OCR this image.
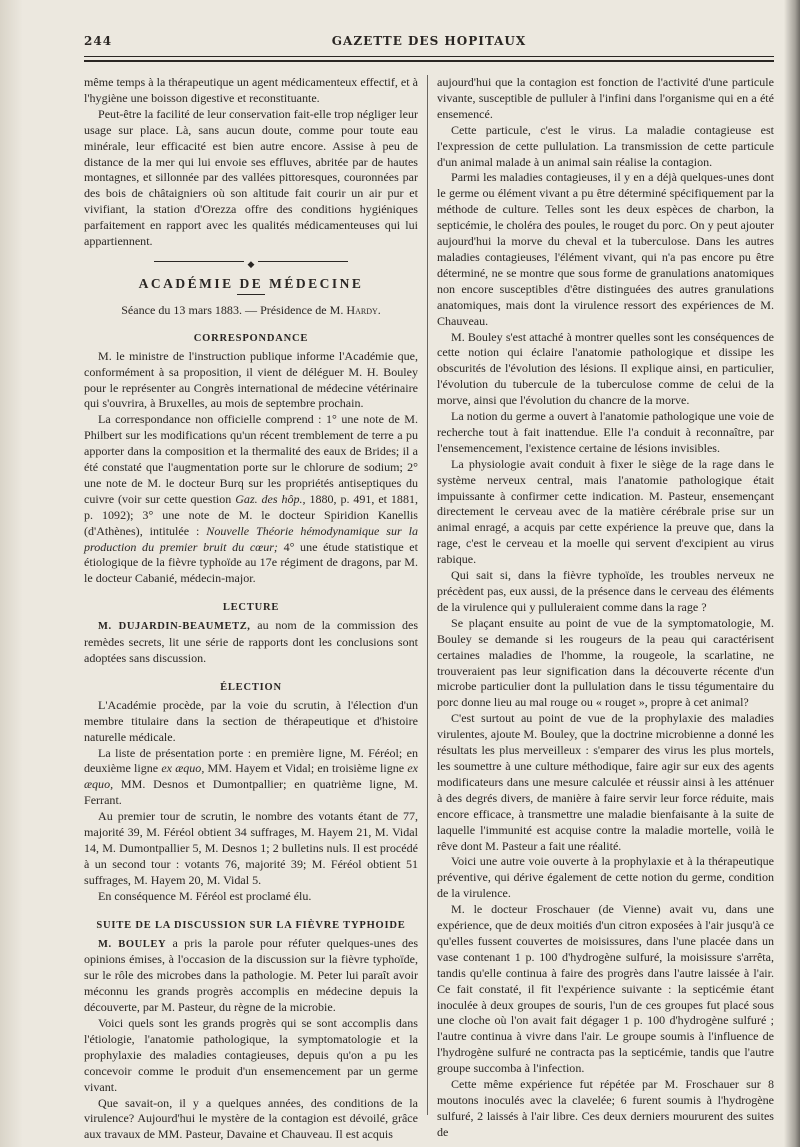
244	GAZETTE DES HOPITAUX

même temps à la thérapeutique un agent médicamenteux effectif, et à l'hygiène une boisson digestive et reconstituante.

Peut-être la facilité de leur conservation fait-elle trop négliger leur usage sur place. Là, sans aucun doute, comme pour toute eau minérale, leur efficacité est bien autre encore. Assise à peu de distance de la mer qui lui envoie ses effluves, abritée par de hautes montagnes, et sillonnée par des vallées pittoresques, couronnées par des bois de châtaigniers où son altitude fait courir un air pur et vivifiant, la station d'Orezza offre des conditions hygiéniques parfaitement en rapport avec les qualités médicamenteuses qui lui appartiennent.

◆
ACADÉMIE DE MÉDECINE
Séance du 13 mars 1883. — Présidence de M. Hardy.
CORRESPONDANCE

M. le ministre de l'instruction publique informe l'Académie que, conformément à sa proposition, il vient de déléguer M. H. Bouley pour le représenter au Congrès international de médecine vétérinaire qui s'ouvrira, à Bruxelles, au mois de septembre prochain.

La correspondance non officielle comprend : 1° une note de M. Philbert sur les modifications qu'un récent tremblement de terre a pu apporter dans la composition et la thermalité des eaux de Brides; il a été constaté que l'augmentation porte sur le chlorure de sodium; 2° une note de M. le docteur Burq sur les propriétés antiseptiques du cuivre (voir sur cette question Gaz. des hôp., 1880, p. 491, et 1881, p. 1092); 3° une note de M. le docteur Spiridion Kanellis (d'Athènes), intitulée : Nouvelle Théorie hémodynamique sur la production du premier bruit du cœur; 4° une étude statistique et étiologique de la fièvre typhoïde au 17e régiment de dragons, par M. le docteur Cabanié, médecin-major.

LECTURE

M. DUJARDIN-BEAUMETZ, au nom de la commission des remèdes secrets, lit une série de rapports dont les conclusions sont adoptées sans discussion.

ÉLECTION

L'Académie procède, par la voie du scrutin, à l'élection d'un membre titulaire dans la section de thérapeutique et d'histoire naturelle médicale.

La liste de présentation porte : en première ligne, M. Féréol; en deuxième ligne ex æquo, MM. Hayem et Vidal; en troisième ligne ex æquo, MM. Desnos et Dumontpallier; en quatrième ligne, M. Ferrant.

Au premier tour de scrutin, le nombre des votants étant de 77, majorité 39, M. Féréol obtient 34 suffrages, M. Hayem 21, M. Vidal 14, M. Dumontpallier 5, M. Desnos 1; 2 bulletins nuls. Il est procédé à un second tour : votants 76, majorité 39; M. Féréol obtient 51 suffrages, M. Hayem 20, M. Vidal 5.

En conséquence M. Féréol est proclamé élu.

SUITE DE LA DISCUSSION SUR LA FIÈVRE TYPHOIDE

M. BOULEY a pris la parole pour réfuter quelques-unes des opinions émises, à l'occasion de la discussion sur la fièvre typhoïde, sur le rôle des microbes dans la pathologie. M. Peter lui paraît avoir méconnu les grands progrès accomplis en médecine depuis la découverte, par M. Pasteur, du règne de la microbie.

Voici quels sont les grands progrès qui se sont accomplis dans l'étiologie, l'anatomie pathologique, la symptomatologie et la prophylaxie des maladies contagieuses, depuis qu'on a pu les concevoir comme le produit d'un ensemencement par un germe vivant.

Que savait-on, il y a quelques années, des conditions de la virulence? Aujourd'hui le mystère de la contagion est dévoilé, grâce aux travaux de MM. Pasteur, Davaine et Chauveau. Il est acquis

aujourd'hui que la contagion est fonction de l'activité d'une particule vivante, susceptible de pulluler à l'infini dans l'organisme qui en a été ensemencé.

Cette particule, c'est le virus. La maladie contagieuse est l'expression de cette pullulation. La transmission de cette particule d'un animal malade à un animal sain réalise la contagion.

Parmi les maladies contagieuses, il y en a déjà quelques-unes dont le germe ou élément vivant a pu être déterminé spécifiquement par la méthode de culture. Telles sont les deux espèces de charbon, la septicémie, le choléra des poules, le rouget du porc. On y peut ajouter aujourd'hui la morve du cheval et la tuberculose. Dans les autres maladies contagieuses, l'élément vivant, qui n'a pas encore pu être déterminé, ne se montre que sous forme de granulations anatomiques non encore susceptibles d'être distinguées des autres granulations anatomiques, mais dont la virulence ressort des expériences de M. Chauveau.

M. Bouley s'est attaché à montrer quelles sont les conséquences de cette notion qui éclaire l'anatomie pathologique et dissipe les obscurités de l'évolution des lésions. Il explique ainsi, en particulier, l'évolution du tubercule de la tuberculose comme de celui de la morve, ainsi que l'évolution du chancre de la morve.

La notion du germe a ouvert à l'anatomie pathologique une voie de recherche tout à fait inattendue. Elle l'a conduit à reconnaître, par l'ensemencement, l'existence certaine de lésions invisibles.

La physiologie avait conduit à fixer le siège de la rage dans le système nerveux central, mais l'anatomie pathologique était impuissante à confirmer cette indication. M. Pasteur, ensemençant directement le cerveau avec de la matière cérébrale prise sur un animal enragé, a acquis par cette expérience la preuve que, dans la rage, c'est le cerveau et la moelle qui servent d'excipient au virus rabique.

Qui sait si, dans la fièvre typhoïde, les troubles nerveux ne précèdent pas, eux aussi, de la présence dans le cerveau des éléments de la virulence qui y pulluleraient comme dans la rage ?

Se plaçant ensuite au point de vue de la symptomatologie, M. Bouley se demande si les rougeurs de la peau qui caractérisent certaines maladies de l'homme, la rougeole, la scarlatine, ne trouveraient pas leur signification dans la découverte récente d'un microbe particulier dont la pullulation dans le tissu tégumentaire du porc donne lieu au mal rouge ou « rouget », propre à cet animal?

C'est surtout au point de vue de la prophylaxie des maladies virulentes, ajoute M. Bouley, que la doctrine microbienne a donné les résultats les plus merveilleux : s'emparer des virus les plus mortels, les soumettre à une culture méthodique, faire agir sur eux des agents modificateurs dans une mesure calculée et réussir ainsi à les atténuer à des degrés divers, de manière à faire servir leur force réduite, mais encore efficace, à transmettre une maladie bienfaisante à la suite de laquelle l'immunité est acquise contre la maladie mortelle, voilà le rêve dont M. Pasteur a fait une réalité.

Voici une autre voie ouverte à la prophylaxie et à la thérapeutique préventive, qui dérive également de cette notion du germe, condition de la virulence.

M. le docteur Froschauer (de Vienne) avait vu, dans une expérience, que de deux moitiés d'un citron exposées à l'air jusqu'à ce qu'elles fussent couvertes de moisissures, dans l'une placée dans un vase contenant 1 p. 100 d'hydrogène sulfuré, la moisissure s'arrêta, tandis qu'elle continua à faire des progrès dans l'autre laissée à l'air. Ce fait constaté, il fit l'expérience suivante : la septicémie étant inoculée à deux groupes de souris, l'un de ces groupes fut placé sous une cloche où l'on avait fait dégager 1 p. 100 d'hydrogène sulfuré ; l'autre continua à vivre dans l'air. Le groupe soumis à l'influence de l'hydrogène sulfuré ne contracta pas la septicémie, tandis que l'autre groupe succomba à l'infection.

Cette même expérience fut répétée par M. Froschauer sur 8 moutons inoculés avec la clavelée; 6 furent soumis à l'hydrogène sulfuré, 2 laissés à l'air libre. Ces deux derniers moururent des suites de
